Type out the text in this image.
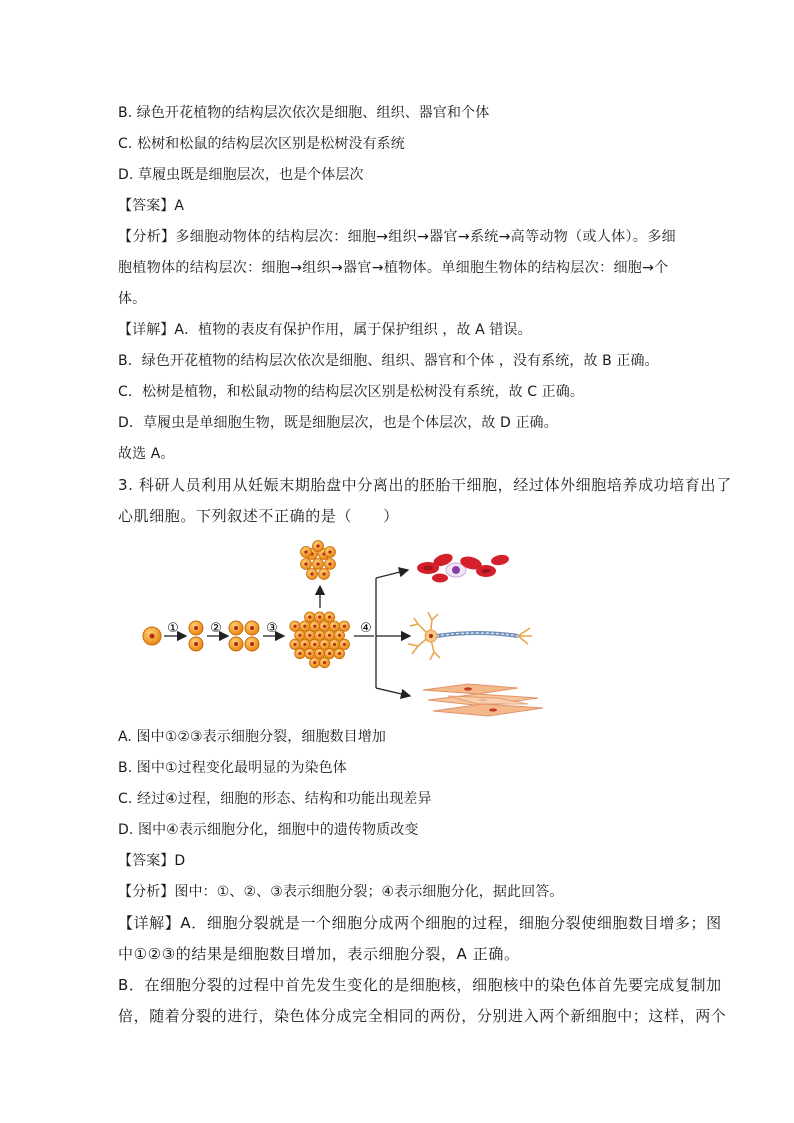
B. 绿色开花植物的结构层次依次是细胞、组织、器官和个体
C. 松树和松鼠的结构层次区别是松树没有系统
D. 草履虫既是细胞层次，也是个体层次
【答案】A
【分析】多细胞动物体的结构层次：细胞→组织→器官→系统→高等动物（或人体）。多细
胞植物体的结构层次：细胞→组织→器官→植物体。单细胞生物体的结构层次：细胞→个
体。
【详解】A．植物的表皮有保护作用，属于保护组织 ，故 A 错误。
B．绿色开花植物的结构层次依次是细胞、组织、器官和个体 ，没有系统，故 B 正确。
C．松树是植物，和松鼠动物的结构层次区别是松树没有系统，故 C 正确。
D．草履虫是单细胞生物，既是细胞层次，也是个体层次，故 D 正确。
故选 A。
3. 科研人员利用从妊娠末期胎盘中分离出的胚胎干细胞，经过体外细胞培养成功培育出了
心肌细胞。下列叙述不正确的是（　　）
① ②	③	④
A. 图中①②③表示细胞分裂，细胞数目增加
B. 图中①过程变化最明显的为染色体
C. 经过④过程，细胞的形态、结构和功能出现差异
D. 图中④表示细胞分化，细胞中的遗传物质改变
【答案】D
【分析】图中：①、②、③表示细胞分裂；④表示细胞分化，据此回答。
【详解】A．细胞分裂就是一个细胞分成两个细胞的过程，细胞分裂使细胞数目增多；图
中①②③的结果是细胞数目增加，表示细胞分裂，A 正确。
B．在细胞分裂的过程中首先发生变化的是细胞核，细胞核中的染色体首先要完成复制加
倍，随着分裂的进行，染色体分成完全相同的两份，分别进入两个新细胞中；这样，两个
